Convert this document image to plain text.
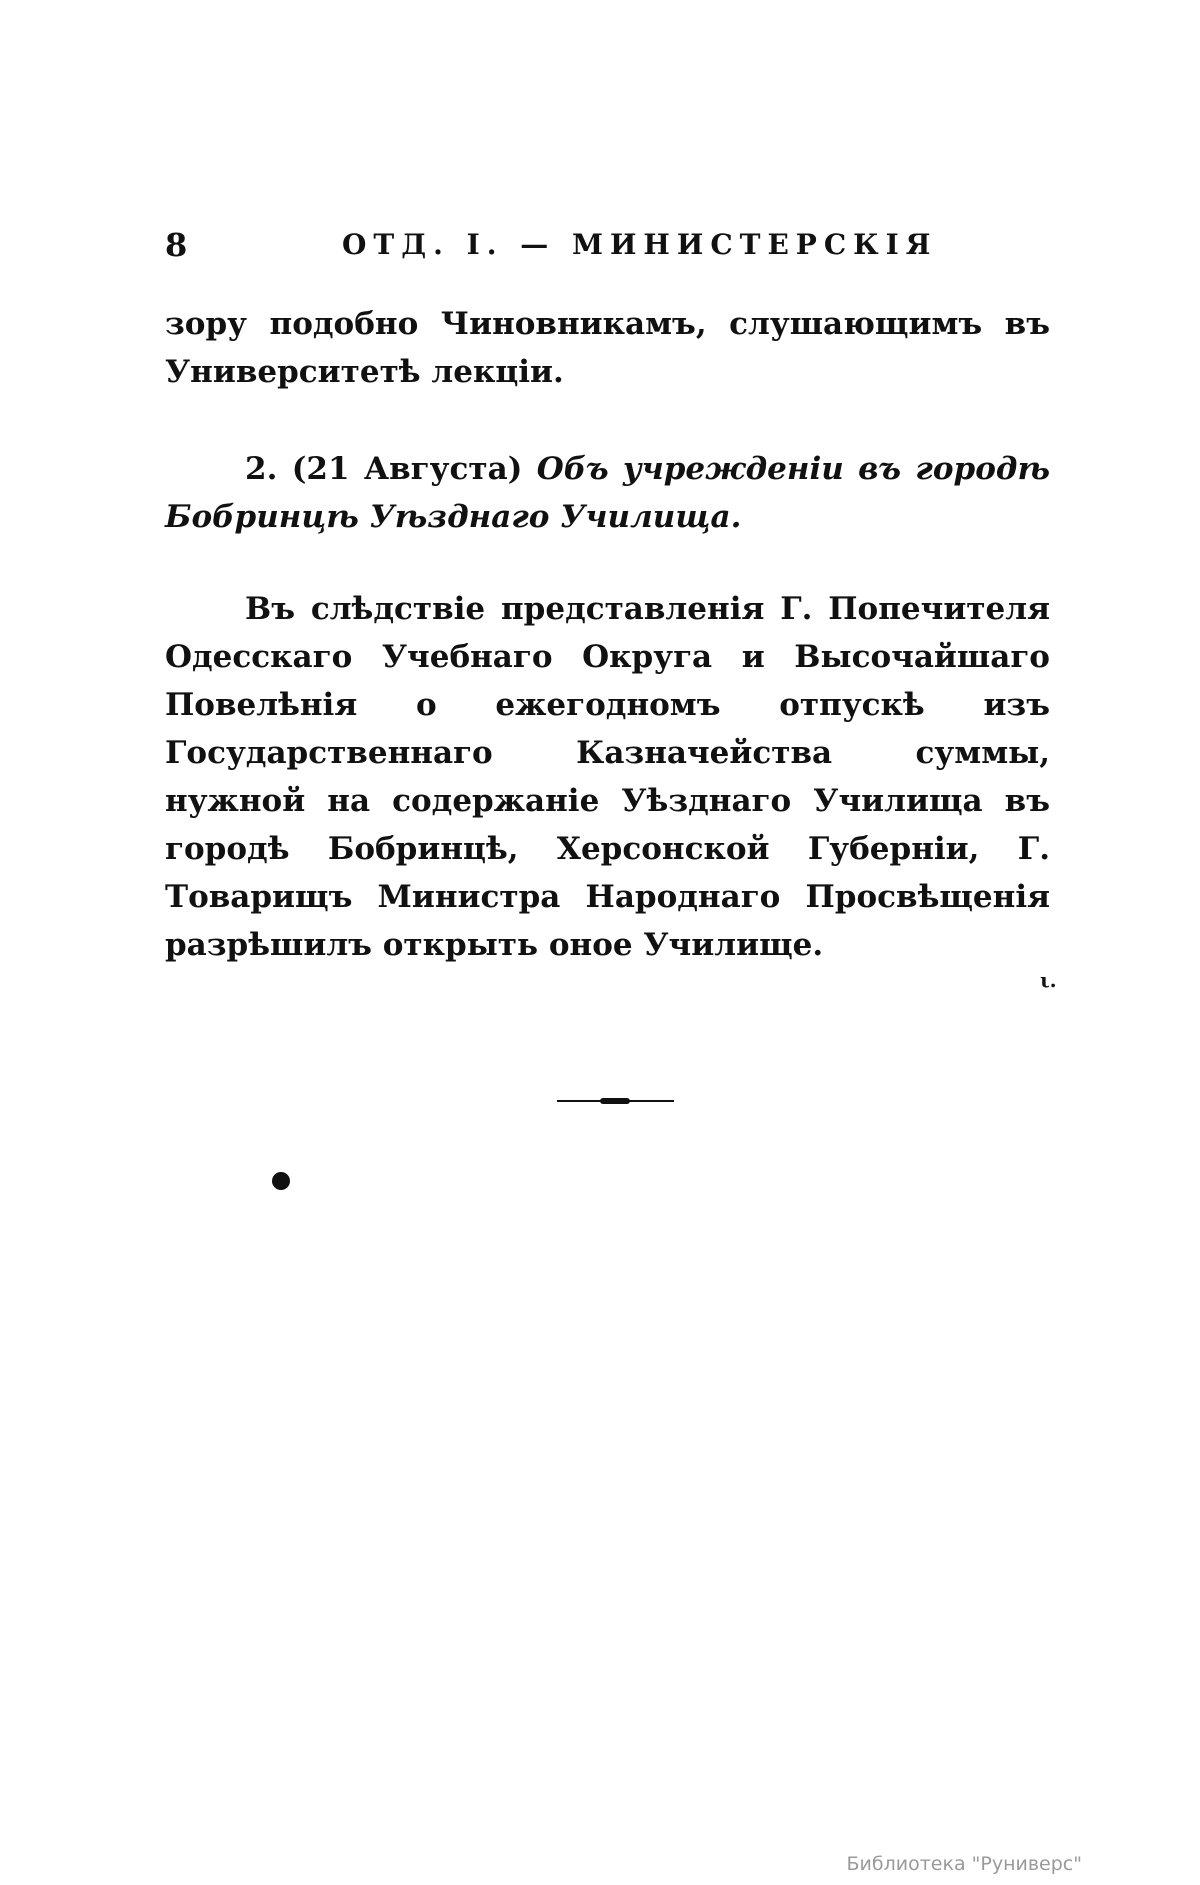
8	ОТД. I. — МИНИСТЕРСКІЯ

зору подобно Чиновникамъ, слушающимъ въ Университетѣ лекціи.

2. (21 Августа) Объ учрежденіи въ городѣ Бобринцѣ Уѣзднаго Училища.

Въ слѣдствіе представленія Г. Попечителя Одесскаго Учебнаго Округа и Высочайшаго Повелѣнія о ежегодномъ отпускѣ изъ Государственнаго Казначейства суммы, нужной на содержаніе Уѣзднаго Училища въ городѣ Бобринцѣ, Херсонской Губерніи, Г. Товарищъ Министра Народнаго Просвѣщенія разрѣшилъ открыть оное Училище.

ι.
Библиотека "Руниверс"
